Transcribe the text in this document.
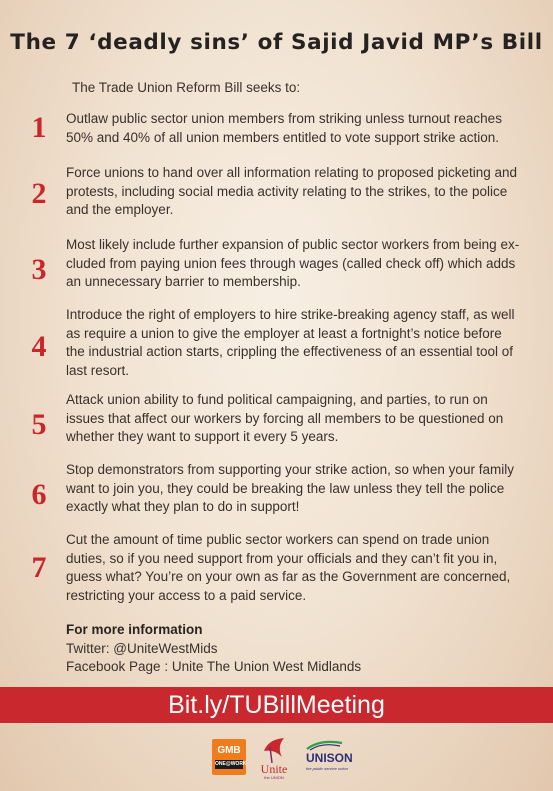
The 7 ‘deadly sins’ of Sajid Javid MP’s Bill
The Trade Union Reform Bill seeks to:
1	Outlaw public sector union members from striking unless turnout reaches
50% and 40% of all union members entitled to vote support strike action.
2
Force unions to hand over all information relating to proposed picketing and
protests, including social media activity relating to the strikes, to the police
and the employer.
3
Most likely include further expansion of public sector workers from being ex-
cluded from paying union fees through wages (called check off) which adds
an unnecessary barrier to membership.
4
Introduce the right of employers to hire strike-breaking agency staff, as well
as require a union to give the employer at least a fortnight’s notice before
the industrial action starts, crippling the effectiveness of an essential tool of
last resort.
5
Attack union ability to fund political campaigning, and parties, to run on
issues that affect our workers by forcing all members to be questioned on
whether they want to support it every 5 years.
6
Stop demonstrators from supporting your strike action, so when your family
want to join you, they could be breaking the law unless they tell the police
exactly what they plan to do in support!
7
Cut the amount of time public sector workers can spend on trade union
duties, so if you need support from your officials and they can’t fit you in,
guess what? You’re on your own as far as the Government are concerned,
restricting your access to a paid service.
For more information
Twitter: @UniteWestMids
Facebook Page : Unite The Union West Midlands
Bit.ly/TUBillMeeting
GMB
ONE@WORK	Unite
the UNION
UNISON
the public service union
